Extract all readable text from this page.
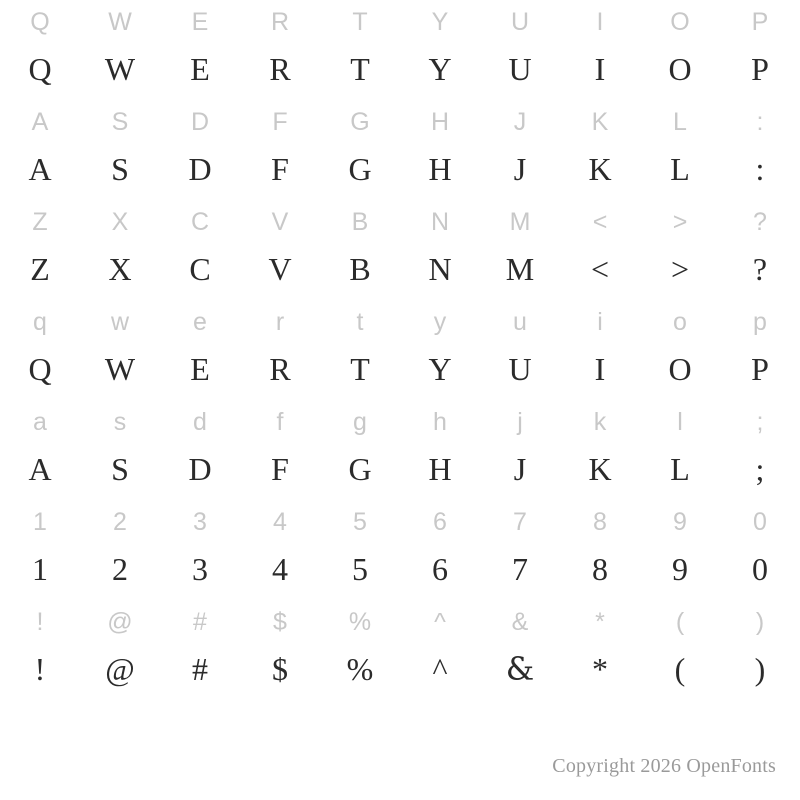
Q
Q
W
W
E
E
R
R
T
T
Y
Y
U
U
I
I
O
O
P
P
A
A
S
S
D
D
F
F
G
G
H
H
J
J
K
K
L
L
:
:
Z
Z
X
X
C
C
V
V
B
B
N
N
M
M
<
<
>
>
?
?
q
Q
w
W
e
E
r
R
t
T
y
Y
u
U
i
I
o
O
p
P
a
A
s
S
d
D
f
F
g
G
h
H
j
J
k
K
l
L
;
;
1
1
2
2
3
3
4
4
5
5
6
6
7
7
8
8
9
9
0
0
!
!
@
@
#
#
$
$
%
%
^
^
&
&
*
*
(
(
)
)
Copyright 2026 OpenFonts
